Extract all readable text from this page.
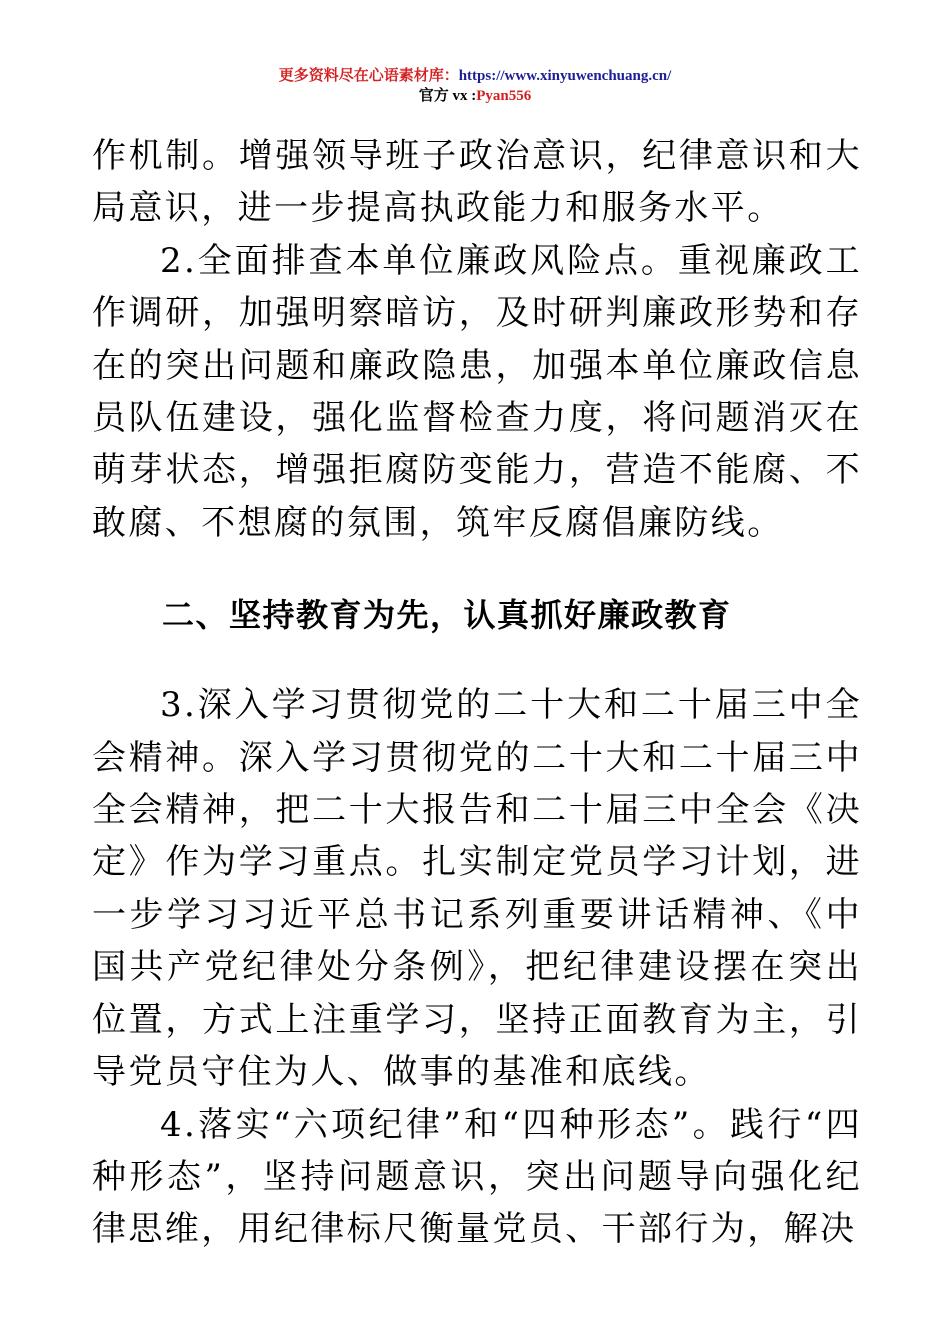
更多资料尽在心语素材库：https://www.xinyuwenchuang.cn/
官方 vx :Pyan556

作机制。增强领导班子政治意识，纪律意识和大局意识，进一步提高执政能力和服务水平。

2.全面排查本单位廉政风险点。重视廉政工作调研，加强明察暗访，及时研判廉政形势和存在的突出问题和廉政隐患，加强本单位廉政信息员队伍建设，强化监督检查力度，将问题消灭在萌芽状态，增强拒腐防变能力，营造不能腐、不敢腐、不想腐的氛围，筑牢反腐倡廉防线。

二、坚持教育为先，认真抓好廉政教育

3.深入学习贯彻党的二十大和二十届三中全会精神。深入学习贯彻党的二十大和二十届三中全会精神，把二十大报告和二十届三中全会《决定》作为学习重点。扎实制定党员学习计划，进一步学习习近平总书记系列重要讲话精神、《中国共产党纪律处分条例》，把纪律建设摆在突出位置，方式上注重学习，坚持正面教育为主，引导党员守住为人、做事的基准和底线。

4.落实“六项纪律”和“四种形态”。践行“四种形态”，坚持问题意识，突出问题导向强化纪律思维，用纪律标尺衡量党员、干部行为，解决
